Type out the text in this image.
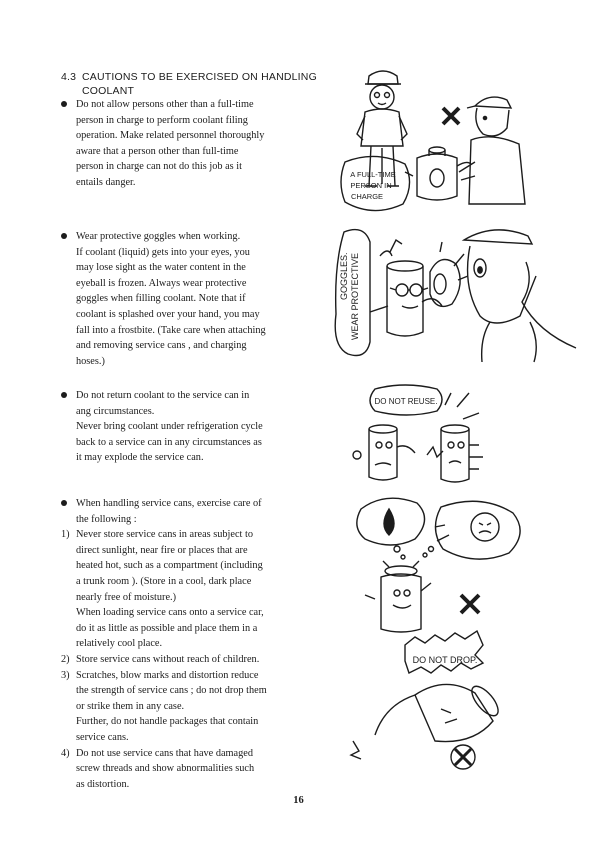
4.3 CAUTIONS TO BE EXERCISED ON HANDLING
COOLANT
Do not allow persons other than a full-time
person in charge to perform coolant filing
operation. Make related personnel thoroughly
aware that a person other than full-time
person in charge can not do this job as it
entails danger.
Wear protective goggles when working.
If coolant (liquid) gets into your eyes, you
may lose sight as the water content in the
eyeball is frozen. Always wear protective
goggles when filling coolant. Note that if
coolant is splashed over your hand, you may
fall into a frostbite. (Take care when attaching
and removing service cans , and charging
hoses.)
Do not return coolant to the service can in
ang circumstances.
Never bring coolant under refrigeration cycle
back to a service can in any circumstances as
it may explode the service can.
When handling service cans, exercise care of
the following :
1) Never store service cans in areas subject to
direct sunlight, near fire or places that are
heated hot, such as a compartment (including
a trunk room ). (Store in a cool, dark place
nearly free of moisture.)
When loading service cans onto a service car,
do it as little as possible and place them in a
relatively cool place.
2) Store service cans without reach of children.
3) Scratches, blow marks and distortion reduce
the strength of service cans ; do not drop them
or strike them in any case.
Further, do not handle packages that contain
service cans.
4) Do not use service cans that have damaged
screw threads and show abnormalities such
as distortion.
A FULL-TIME
PERSON IN
CHARGE
WEAR PROTECTIVE
GOGGLES.
DO NOT REUSE.
DO NOT DROP.
16
